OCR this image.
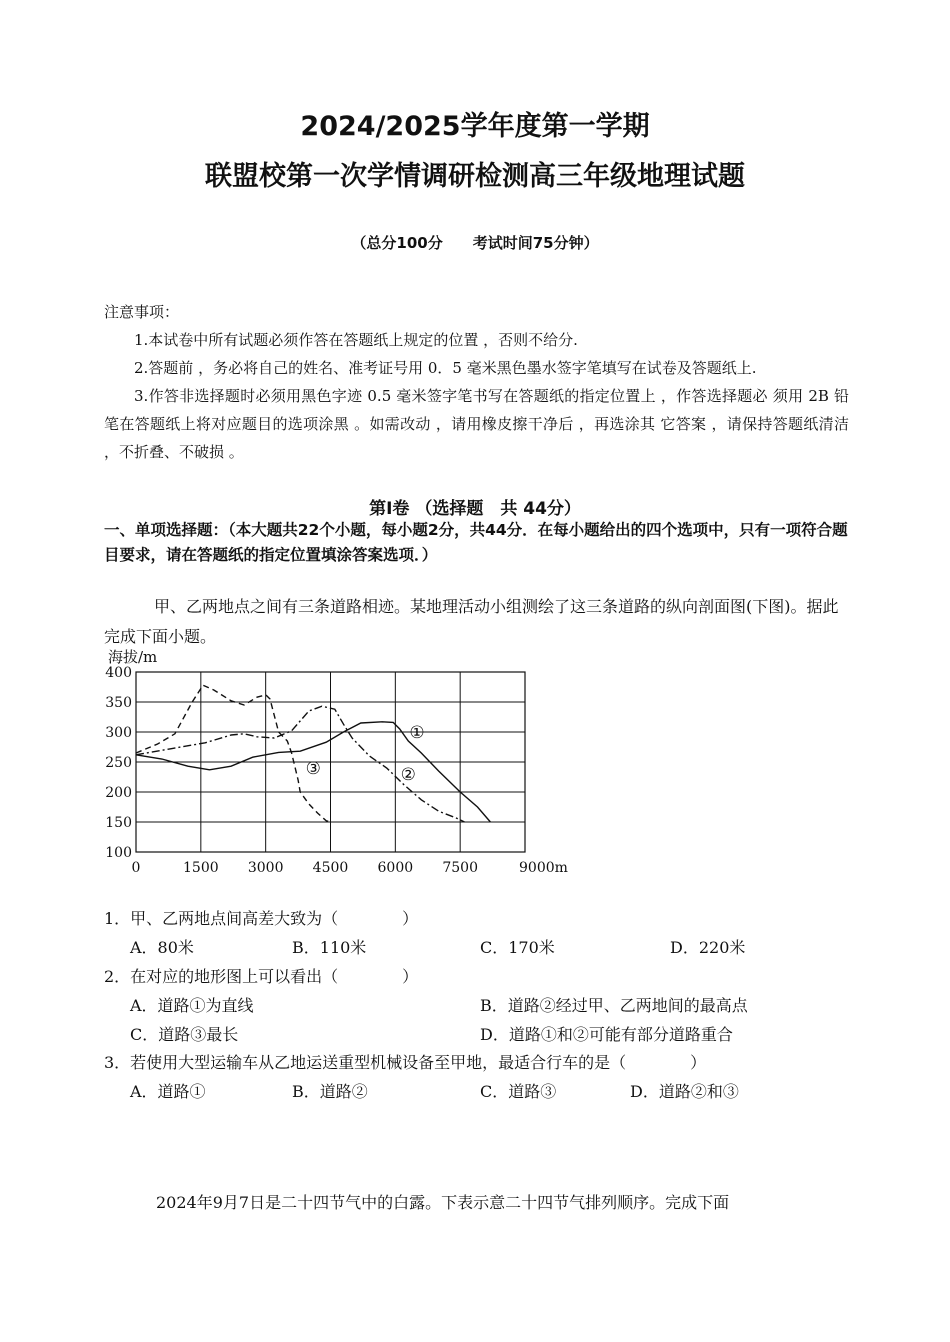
2024/2025学年度第一学期
联盟校第一次学情调研检测高三年级地理试题
（总分100分　　考试时间75分钟）
注意事项：
1.本试卷中所有试题必须作答在答题纸上规定的位置 ，否则不给分.
2.答题前 ，务必将自己的姓名、准考证号用 0．5 毫米黑色墨水签字笔填写在试卷及答题纸上.
3.作答非选择题时必须用黑色字迹 0.5 毫米签字笔书写在答题纸的指定位置上 ，作答选择题必 须用 2B 铅笔在答题纸上将对应题目的选项涂黑 。如需改动 ，请用橡皮擦干净后 ，再选涂其 它答案 ，请保持答题纸清洁 ，不折叠、不破损 。
第Ⅰ卷 （选择题　共 44分）
一、单项选择题：（本大题共22个小题，每小题2分，共44分．在每小题给出的四个选项中，只有一项符合题目要求，请在答题纸的指定位置填涂答案选项．）
甲、乙两地点之间有三条道路相迹。某地理活动小组测绘了这三条道路的纵向剖面图(下图)。据此完成下面小题。
海拔/m
0	1500 3000 4500 6000 7500	9000m
100
150
200
250
300
350
400
①
②
③
1．甲、乙两地点间高差大致为（　　　　）
A．80米	B．110米	C．170米	D．220米
2．在对应的地形图上可以看出（　　　　）
A．道路①为直线	B．道路②经过甲、乙两地间的最高点
C．道路③最长	D．道路①和②可能有部分道路重合
3．若使用大型运输车从乙地运送重型机械设备至甲地，最适合行车的是（　　　　）
A．道路①	B．道路②	C．道路③	D．道路②和③
2024年9月7日是二十四节气中的白露。下表示意二十四节气排列顺序。完成下面
